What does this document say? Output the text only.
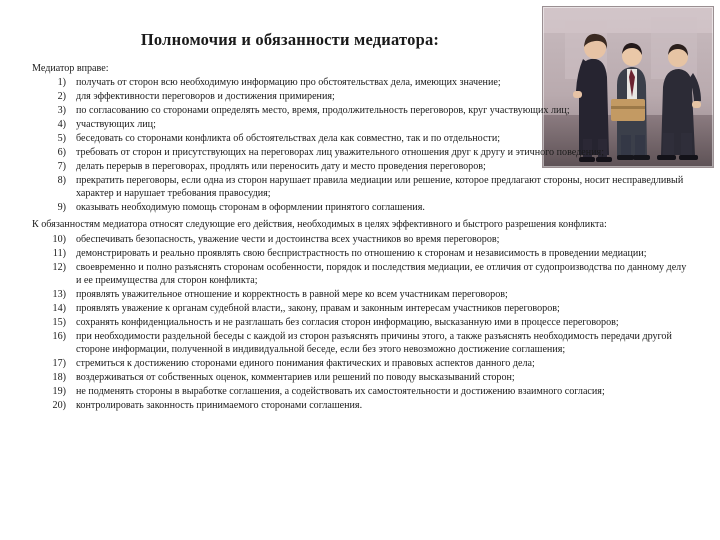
Полномочия и обязанности медиатора:

Медиатор вправе:

1) получать от сторон всю необходимую информацию про обстоятельствах дела, имеющих значение;
2) для эффективности переговоров и достижения примирения;
3) по согласованию со сторонами определять место, время, продолжительность переговоров, круг участвующих лиц;
4) участвующих лиц;
5) беседовать со сторонами конфликта об обстоятельствах дела как совместно, так и по отдельности;
6) требовать от сторон и присутствующих на переговорах лиц уважительного отношения друг к другу и этичного поведения;
7) делать перерыв в переговорах, продлять или переносить дату и место проведения переговоров;
8) прекратить переговоры, если одна из сторон нарушает правила медиации или решение, которое предлагают стороны, носит несправедливый характер и нарушает требования правосудия;
9) оказывать необходимую помощь сторонам в оформлении принятого соглашения.

К обязанностям медиатора относят следующие его действия, необходимых в целях эффективного и быстрого разрешения конфликта:

10) обеспечивать безопасность, уважение чести и достоинства всех участников во время переговоров;
11) демонстрировать и реально проявлять свою беспристрастность по отношению к сторонам и независимость в проведении медиации;
12) своевременно и полно разъяснять сторонам особенности, порядок и последствия медиации, ее отличия от судопроизводства по данному делу и ее преимущества для сторон конфликта;
13) проявлять уважительное отношение и корректность в равной мере ко всем участникам переговоров;
14) проявлять уважение к органам судебной власти,, закону, правам и законным интересам участников переговоров;
15) сохранять конфиденциальность и не разглашать без согласия сторон информацию, высказанную ими в процессе переговоров;
16) при необходимости раздельной беседы с каждой из сторон разъяснять причины этого, а также разъяснять необходимость передачи другой стороне информации, полученной в индивидуальной беседе, если без этого невозможно достижение соглашения;
17) стремиться к достижению сторонами единого понимания фактических и правовых аспектов данного дела;
18) воздерживаться от собственных оценок, комментариев или решений по поводу высказываний сторон;
19) не подменять стороны в выработке соглашения, а содействовать их самостоятельности и достижению взаимного согласия;
20) контролировать законность принимаемого сторонами соглашения.
